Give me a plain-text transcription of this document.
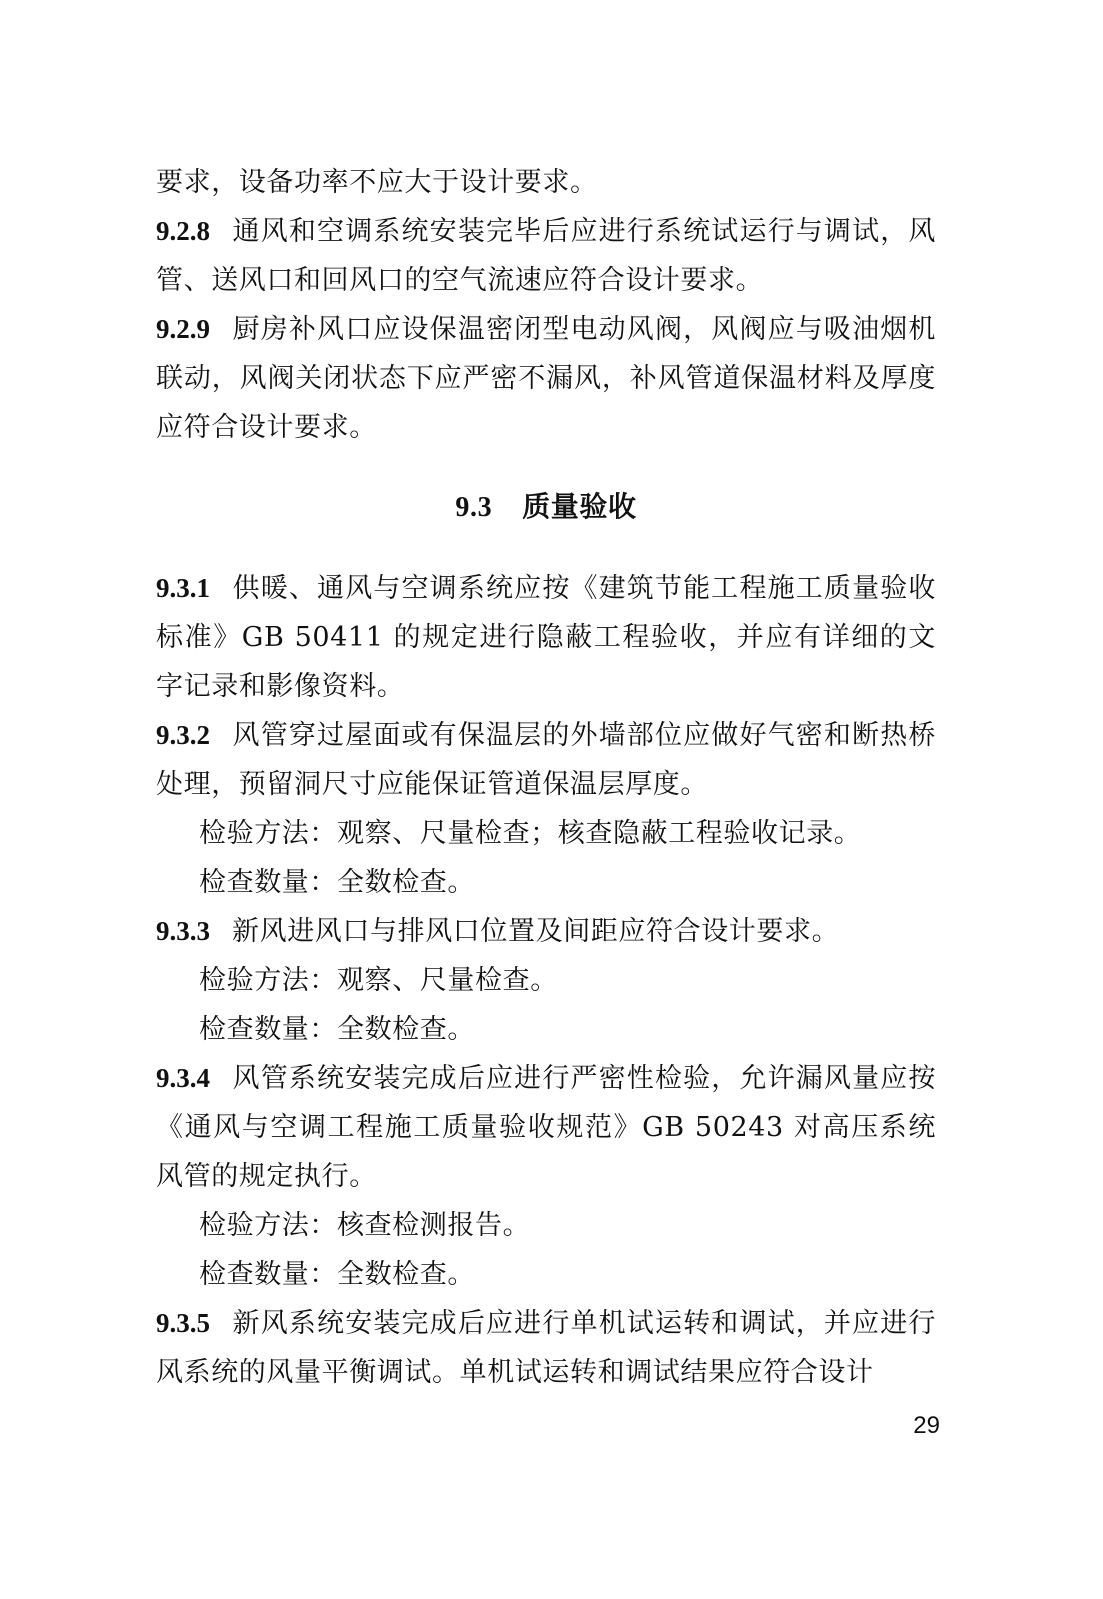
要求，设备功率不应大于设计要求。

9.2.8 通风和空调系统安装完毕后应进行系统试运行与调试，风管、送风口和回风口的空气流速应符合设计要求。

9.2.9 厨房补风口应设保温密闭型电动风阀，风阀应与吸油烟机联动，风阀关闭状态下应严密不漏风，补风管道保温材料及厚度应符合设计要求。

9.3 质量验收

9.3.1 供暖、通风与空调系统应按《建筑节能工程施工质量验收标准》GB 50411 的规定进行隐蔽工程验收，并应有详细的文字记录和影像资料。

9.3.2 风管穿过屋面或有保温层的外墙部位应做好气密和断热桥处理，预留洞尺寸应能保证管道保温层厚度。

检验方法：观察、尺量检查；核查隐蔽工程验收记录。

检查数量：全数检查。

9.3.3 新风进风口与排风口位置及间距应符合设计要求。

检验方法：观察、尺量检查。

检查数量：全数检查。

9.3.4 风管系统安装完成后应进行严密性检验，允许漏风量应按《通风与空调工程施工质量验收规范》GB 50243 对高压系统风管的规定执行。

检验方法：核查检测报告。

检查数量：全数检查。

9.3.5 新风系统安装完成后应进行单机试运转和调试，并应进行风系统的风量平衡调试。单机试运转和调试结果应符合设计

29
